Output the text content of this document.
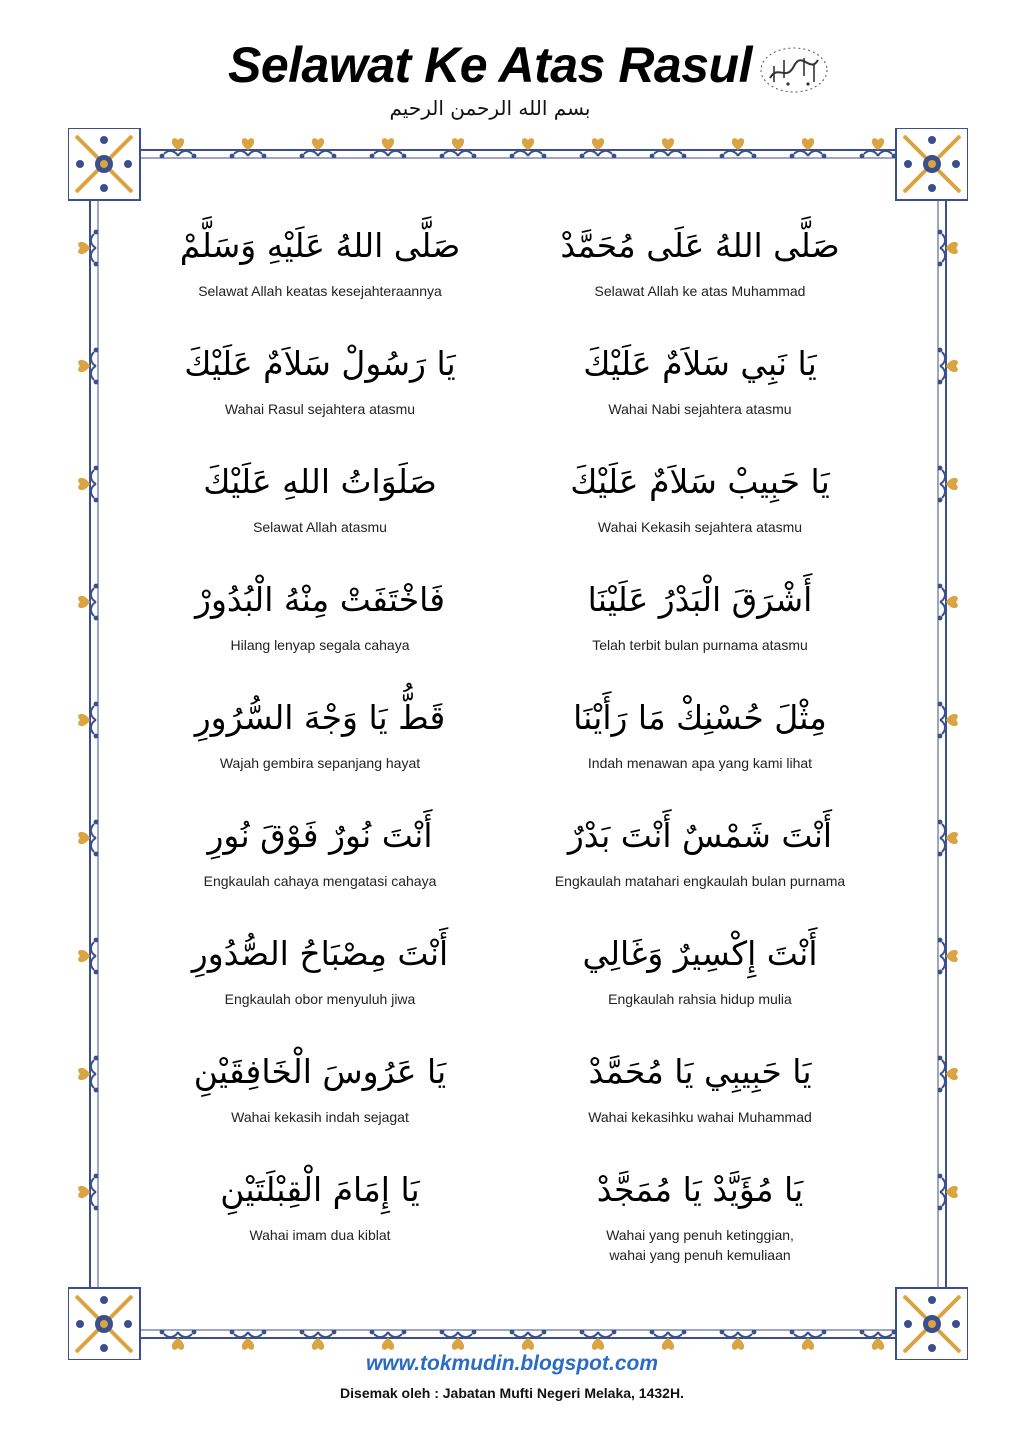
Selawat Ke Atas Rasul
بسم الله الرحمن الرحيم
صَلَّى اللهُ عَلَيْهِ وَسَلَّمْ
Selawat Allah keatas kesejahteraannya
صَلَّى اللهُ عَلَى مُحَمَّدْ
Selawat Allah ke atas Muhammad
يَا رَسُولْ سَلاَمٌ عَلَيْكَ
Wahai Rasul sejahtera atasmu
يَا نَبِي سَلاَمٌ عَلَيْكَ
Wahai Nabi sejahtera atasmu
صَلَوَاتُ اللهِ عَلَيْكَ
Selawat Allah atasmu
يَا حَبِيبْ سَلاَمٌ عَلَيْكَ
Wahai Kekasih sejahtera atasmu
فَاخْتَفَتْ مِنْهُ الْبُدُورْ
Hilang lenyap segala cahaya
أَشْرَقَ الْبَدْرُ عَلَيْنَا
Telah terbit bulan purnama atasmu
قَطُّ يَا وَجْهَ السُّرُورِ
Wajah gembira sepanjang hayat
مِثْلَ حُسْنِكْ مَا رَأَيْنَا
Indah menawan apa yang kami lihat
أَنْتَ نُورٌ فَوْقَ نُورِ
Engkaulah cahaya mengatasi cahaya
أَنْتَ شَمْسٌ أَنْتَ بَدْرٌ
Engkaulah matahari engkaulah bulan purnama
أَنْتَ مِصْبَاحُ الصُّدُورِ
Engkaulah obor menyuluh jiwa
أَنْتَ إِكْسِيرٌ وَغَالِي
Engkaulah rahsia hidup mulia
يَا عَرُوسَ الْخَافِقَيْنِ
Wahai kekasih indah sejagat
يَا حَبِيبِي يَا مُحَمَّدْ
Wahai kekasihku wahai Muhammad
يَا إِمَامَ الْقِبْلَتَيْنِ
Wahai imam dua kiblat
يَا مُؤَيَّدْ يَا مُمَجَّدْ
Wahai yang penuh ketinggian,
wahai yang penuh kemuliaan
www.tokmudin.blogspot.com
Disemak oleh : Jabatan Mufti Negeri Melaka, 1432H.
